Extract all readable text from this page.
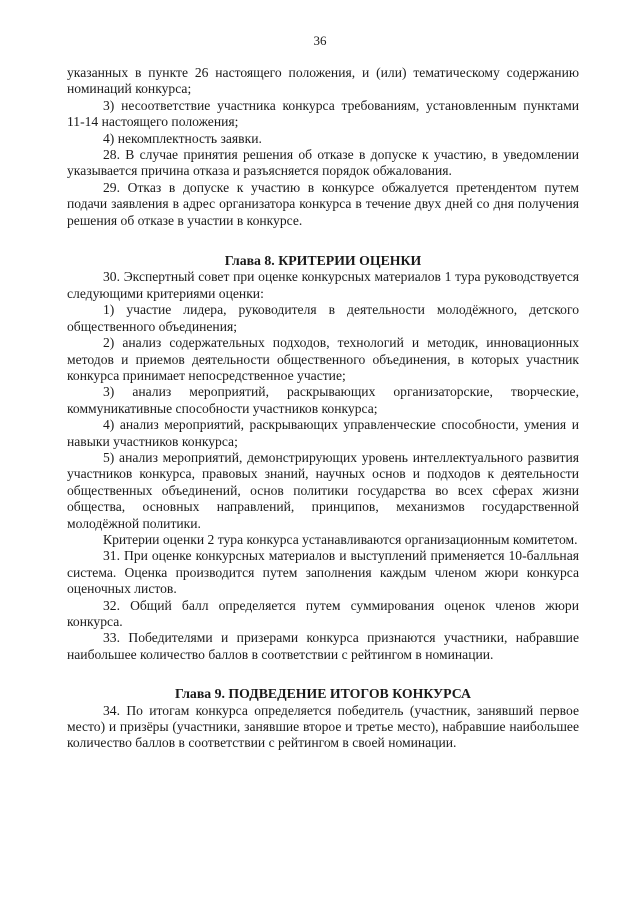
36

указанных в пункте 26 настоящего положения, и (или) тематическому содержанию номинаций конкурса;

3) несоответствие участника конкурса требованиям, установленным пунктами 11-14 настоящего положения;

4) некомплектность заявки.

28. В случае принятия решения об отказе в допуске к участию, в уведомлении указывается причина отказа и разъясняется порядок обжалования.

29. Отказ в допуске к участию в конкурсе обжалуется претендентом путем подачи заявления в адрес организатора конкурса в течение двух дней со дня получения решения об отказе в участии в конкурсе.

Глава 8. КРИТЕРИИ ОЦЕНКИ

30. Экспертный совет при оценке конкурсных материалов 1 тура руководствуется следующими критериями оценки:

1) участие лидера, руководителя в деятельности молодёжного, детского общественного объединения;

2) анализ содержательных подходов, технологий и методик, инновационных методов и приемов деятельности общественного объединения, в которых участник конкурса принимает непосредственное участие;

3) анализ мероприятий, раскрывающих организаторские, творческие, коммуникативные способности участников конкурса;

4) анализ мероприятий, раскрывающих управленческие способности, умения и навыки участников конкурса;

5) анализ мероприятий, демонстрирующих уровень интеллектуального развития участников конкурса, правовых знаний, научных основ и подходов к деятельности общественных объединений, основ политики государства во всех сферах жизни общества, основных направлений, принципов, механизмов государственной молодёжной политики.

Критерии оценки 2 тура конкурса устанавливаются организационным комитетом.

31. При оценке конкурсных материалов и выступлений применяется 10-балльная система. Оценка производится путем заполнения каждым членом жюри конкурса оценочных листов.

32. Общий балл определяется путем суммирования оценок членов жюри конкурса.

33. Победителями и призерами конкурса признаются участники, набравшие наибольшее количество баллов в соответствии с рейтингом в номинации.

Глава 9. ПОДВЕДЕНИЕ ИТОГОВ КОНКУРСА

34. По итогам конкурса определяется победитель (участник, занявший первое место) и призёры (участники, занявшие второе и третье место), набравшие наибольшее количество баллов в соответствии с рейтингом в своей номинации.
